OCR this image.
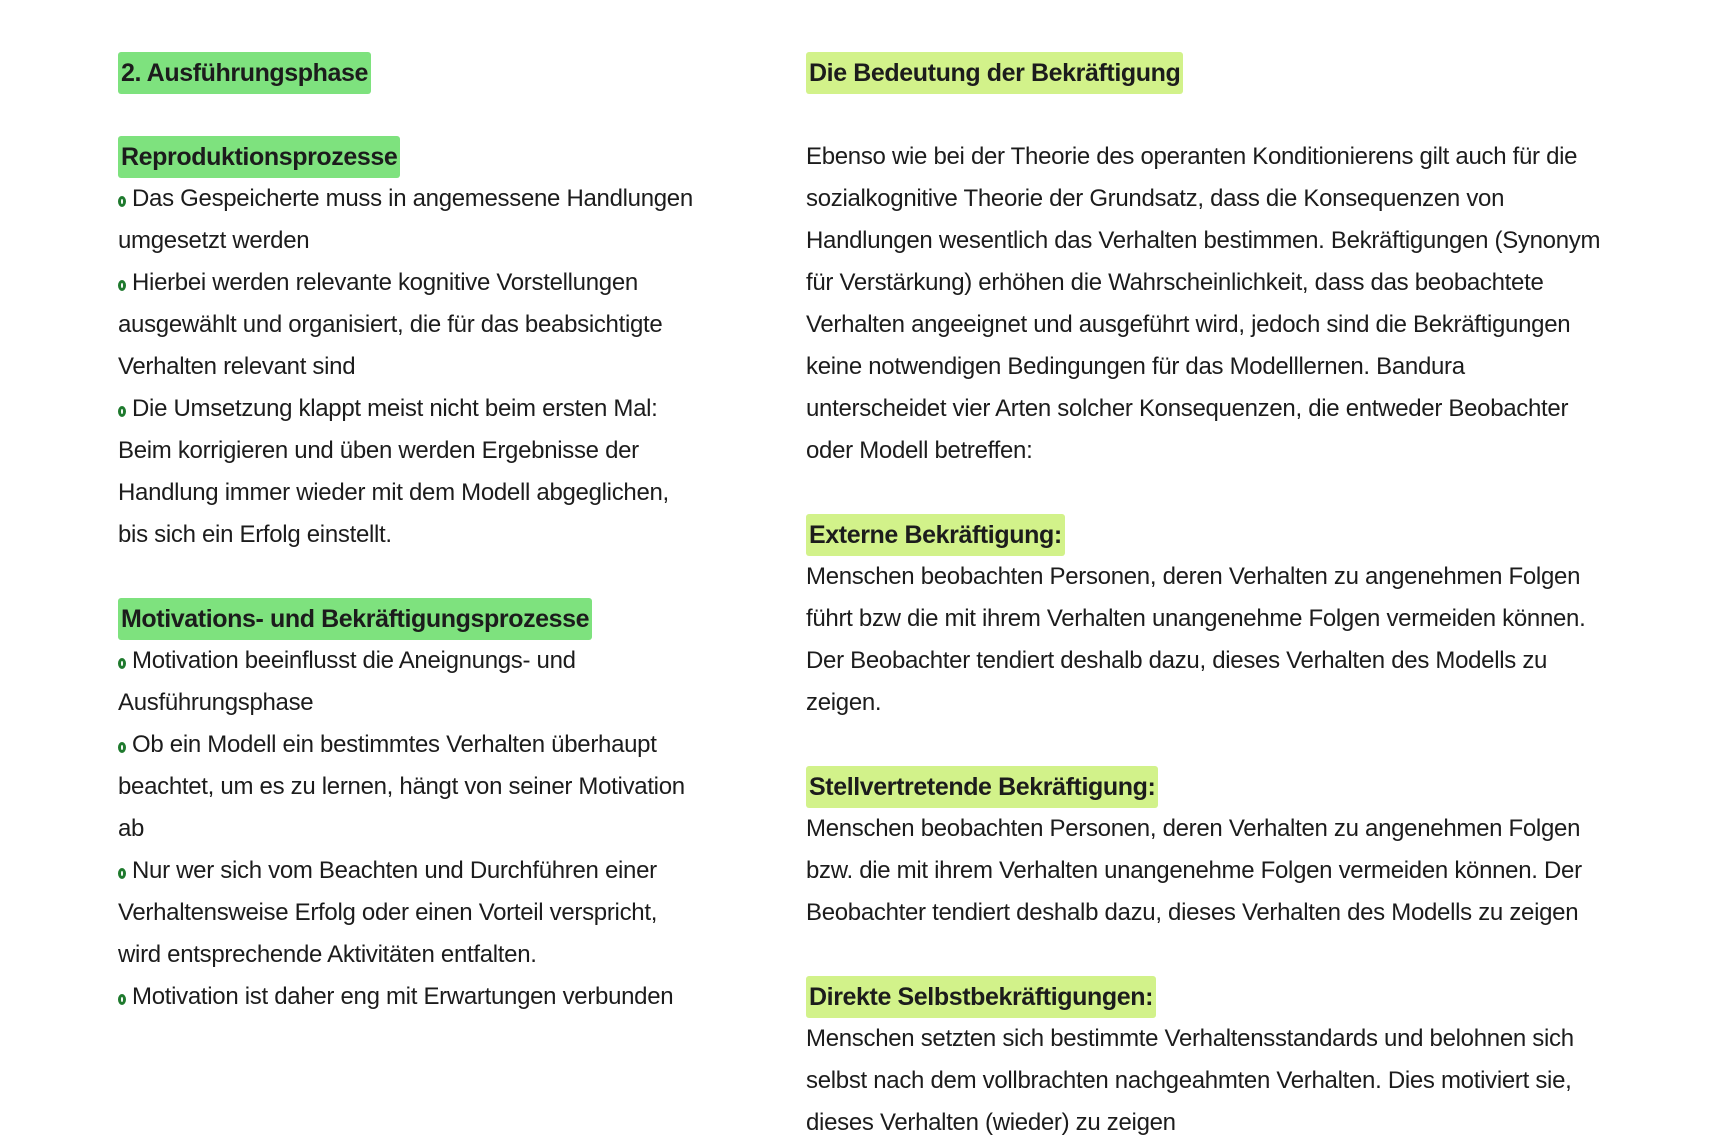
2. Ausführungsphase
Reproduktionsprozesse
Das Gespeicherte muss in angemessene Handlungen umgesetzt werden
Hierbei werden relevante kognitive Vorstellungen ausgewählt und organisiert, die für das beabsichtigte Verhalten relevant sind
Die Umsetzung klappt meist nicht beim ersten Mal: Beim korrigieren und üben werden Ergebnisse der Handlung immer wieder mit dem Modell abgeglichen, bis sich ein Erfolg einstellt.
Motivations- und Bekräftigungsprozesse
Motivation beeinflusst die Aneignungs- und Ausführungsphase
Ob ein Modell ein bestimmtes Verhalten überhaupt beachtet, um es zu lernen, hängt von seiner Motivation ab
Nur wer sich vom Beachten und Durchführen einer Verhaltensweise Erfolg oder einen Vorteil verspricht, wird entsprechende Aktivitäten entfalten.
Motivation ist daher eng mit Erwartungen verbunden
Die Bedeutung der Bekräftigung

Ebenso wie bei der Theorie des operanten Konditionierens gilt auch für die sozialkognitive Theorie der Grundsatz, dass die Konsequenzen von Handlungen wesentlich das Verhalten bestimmen. Bekräftigungen (Synonym für Verstärkung) erhöhen die Wahrscheinlichkeit, dass das beobachtete Verhalten angeeignet und ausgeführt wird, jedoch sind die Bekräftigungen keine notwendigen Bedingungen für das Modelllernen. Bandura unterscheidet vier Arten solcher Konsequenzen, die entweder Beobachter oder Modell betreffen:

Externe Bekräftigung:

Menschen beobachten Personen, deren Verhalten zu angenehmen Folgen führt bzw die mit ihrem Verhalten unangenehme Folgen vermeiden können. Der Beobachter tendiert deshalb dazu, dieses Verhalten des Modells zu zeigen.

Stellvertretende Bekräftigung:

Menschen beobachten Personen, deren Verhalten zu angenehmen Folgen bzw. die mit ihrem Verhalten unangenehme Folgen vermeiden können. Der Beobachter tendiert deshalb dazu, dieses Verhalten des Modells zu zeigen

Direkte Selbstbekräftigungen:

Menschen setzten sich bestimmte Verhaltensstandards und belohnen sich selbst nach dem vollbrachten nachgeahmten Verhalten. Dies motiviert sie, dieses Verhalten (wieder) zu zeigen
